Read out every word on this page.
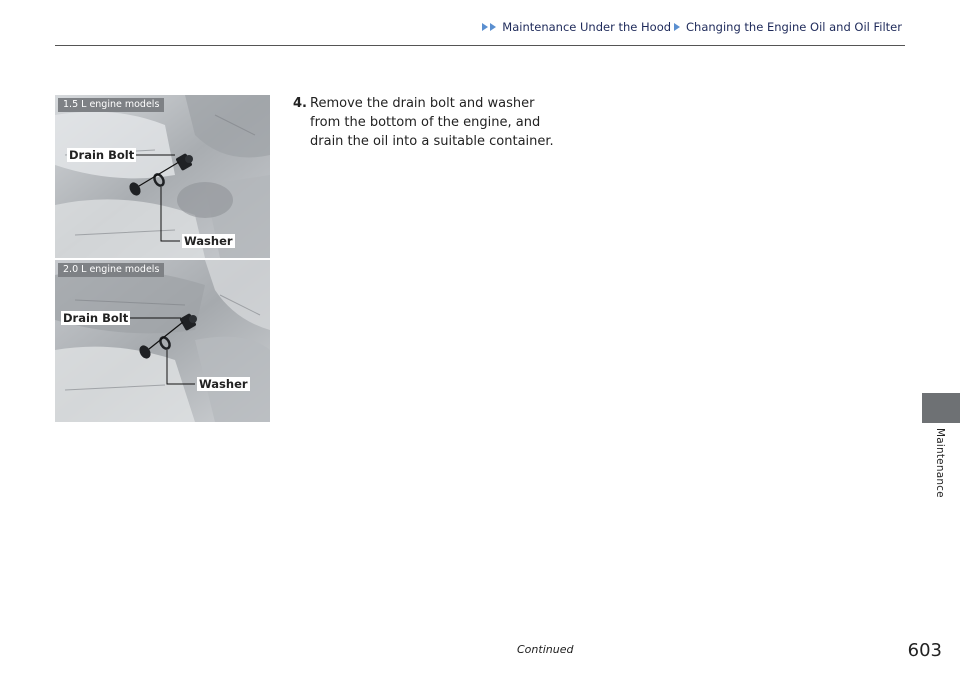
Maintenance Under the Hood Changing the Engine Oil and Oil Filter
1.5 L engine models
Drain Bolt
Washer
2.0 L engine models
Drain Bolt
Washer
4. Remove the drain bolt and washer from the bottom of the engine, and drain the oil into a suitable container.
Maintenance
Continued	603
